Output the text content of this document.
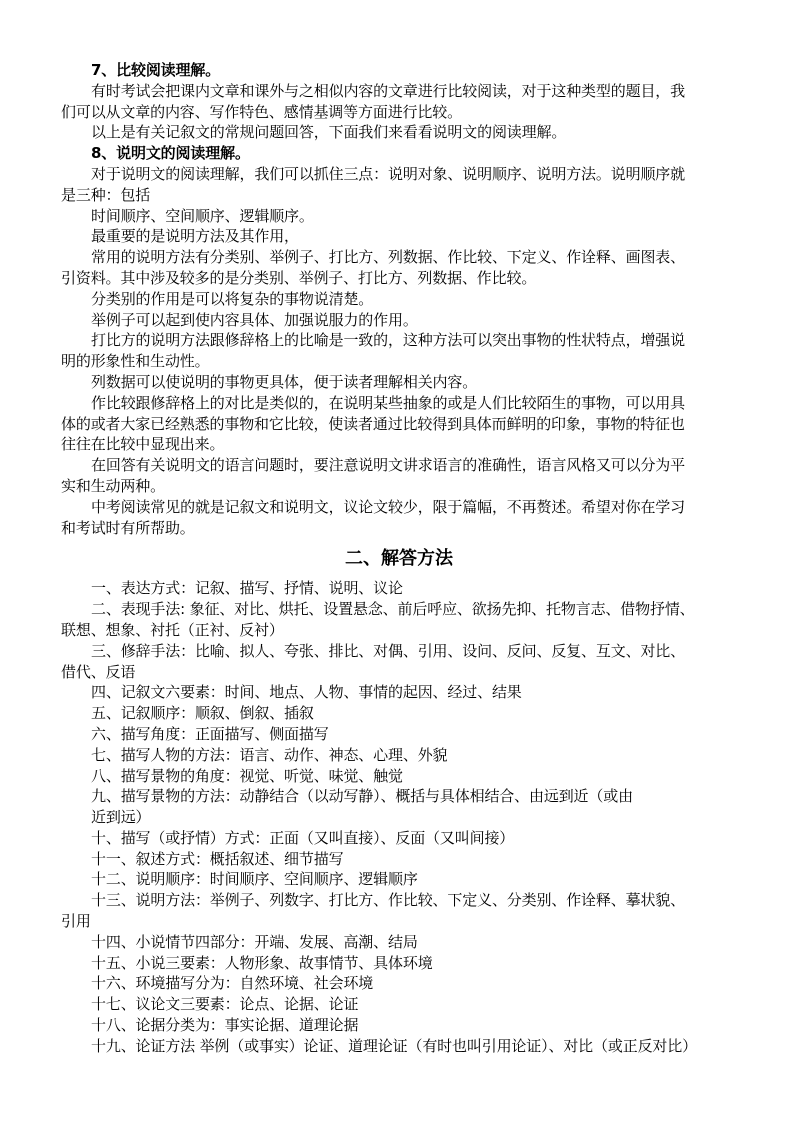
7、比较阅读理解。

有时考试会把课内文章和课外与之相似内容的文章进行比较阅读，对于这种类型的题目，我

们可以从文章的内容、写作特色、感情基调等方面进行比较。

以上是有关记叙文的常规问题回答，下面我们来看看说明文的阅读理解。

8、说明文的阅读理解。

对于说明文的阅读理解，我们可以抓住三点：说明对象、说明顺序、说明方法。说明顺序就

是三种：包括

时间顺序、空间顺序、逻辑顺序。

最重要的是说明方法及其作用，

常用的说明方法有分类别、举例子、打比方、列数据、作比较、下定义、作诠释、画图表、

引资料。其中涉及较多的是分类别、举例子、打比方、列数据、作比较。

分类别的作用是可以将复杂的事物说清楚。

举例子可以起到使内容具体、加强说服力的作用。

打比方的说明方法跟修辞格上的比喻是一致的，这种方法可以突出事物的性状特点，增强说

明的形象性和生动性。

列数据可以使说明的事物更具体，便于读者理解相关内容。

作比较跟修辞格上的对比是类似的，在说明某些抽象的或是人们比较陌生的事物，可以用具

体的或者大家已经熟悉的事物和它比较，使读者通过比较得到具体而鲜明的印象，事物的特征也

往往在比较中显现出来。

在回答有关说明文的语言问题时，要注意说明文讲求语言的准确性，语言风格又可以分为平

实和生动两种。

中考阅读常见的就是记叙文和说明文，议论文较少，限于篇幅，不再赘述。希望对你在学习

和考试时有所帮助。

二、解答方法

一、表达方式：记叙、描写、抒情、说明、议论

二、表现手法: 象征、对比、烘托、设置悬念、前后呼应、欲扬先抑、托物言志、借物抒情、

联想、想象、衬托（正衬、反衬）

三、修辞手法：比喻、拟人、夸张、排比、对偶、引用、设问、反问、反复、互文、对比、

借代、反语

四、记叙文六要素：时间、地点、人物、事情的起因、经过、结果

五、记叙顺序：顺叙、倒叙、插叙

六、描写角度：正面描写、侧面描写

七、描写人物的方法：语言、动作、神态、心理、外貌

八、描写景物的角度：视觉、听觉、味觉、触觉

九、描写景物的方法：动静结合（以动写静）、概括与具体相结合、由远到近（或由

近到远）

十、描写（或抒情）方式：正面（又叫直接）、反面（又叫间接）

十一、叙述方式：概括叙述、细节描写

十二、说明顺序：时间顺序、空间顺序、逻辑顺序

十三、说明方法：举例子、列数字、打比方、作比较、下定义、分类别、作诠释、摹状貌、

引用

十四、小说情节四部分：开端、发展、高潮、结局

十五、小说三要素：人物形象、故事情节、具体环境

十六、环境描写分为：自然环境、社会环境

十七、议论文三要素：论点、论据、论证

十八、论据分类为：事实论据、道理论据

十九、论证方法 举例（或事实）论证、道理论证（有时也叫引用论证）、对比（或正反对比）
